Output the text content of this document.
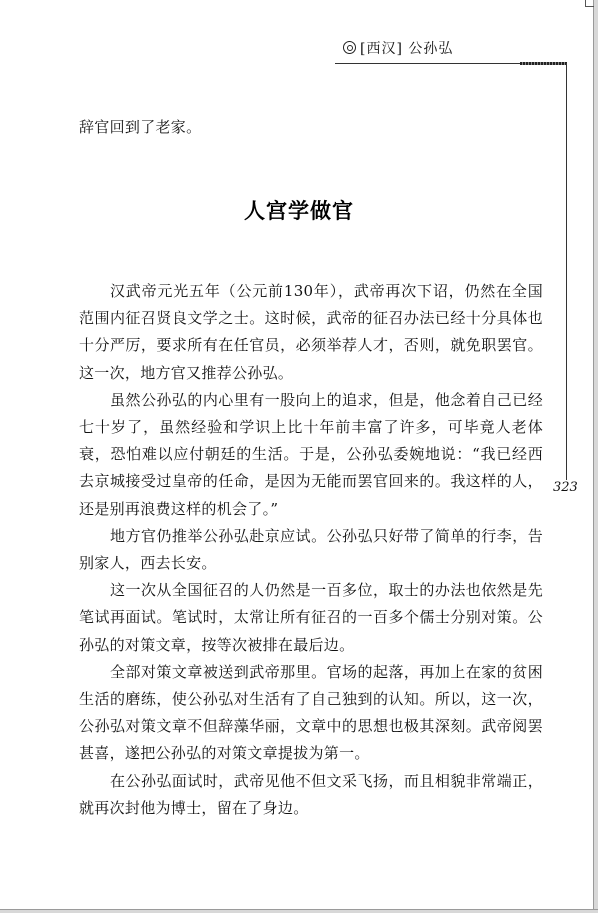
[西汉] 公孙弘
323

辞官回到了老家。

人宫学做官

汉武帝元光五年（公元前130年），武帝再次下诏，仍然在全国范围内征召贤良文学之士。这时候，武帝的征召办法已经十分具体也十分严厉，要求所有在任官员，必须举荐人才，否则，就免职罢官。这一次，地方官又推荐公孙弘。

虽然公孙弘的内心里有一股向上的追求，但是，他念着自己已经七十岁了，虽然经验和学识上比十年前丰富了许多，可毕竟人老体衰，恐怕难以应付朝廷的生活。于是，公孙弘委婉地说：“我已经西去京城接受过皇帝的任命，是因为无能而罢官回来的。我这样的人，还是别再浪费这样的机会了。”

地方官仍推举公孙弘赴京应试。公孙弘只好带了简单的行李，告别家人，西去长安。

这一次从全国征召的人仍然是一百多位，取士的办法也依然是先笔试再面试。笔试时，太常让所有征召的一百多个儒士分别对策。公孙弘的对策文章，按等次被排在最后边。

全部对策文章被送到武帝那里。官场的起落，再加上在家的贫困生活的磨练，使公孙弘对生活有了自己独到的认知。所以，这一次，公孙弘对策文章不但辞藻华丽，文章中的思想也极其深刻。武帝阅罢甚喜，遂把公孙弘的对策文章提拔为第一。

在公孙弘面试时，武帝见他不但文采飞扬，而且相貌非常端正，就再次封他为博士，留在了身边。
